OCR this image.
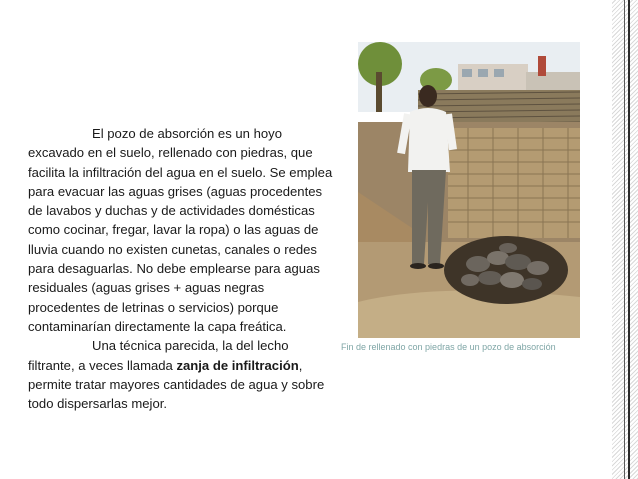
El pozo de absorción es un hoyo excavado en el suelo, rellenado con piedras, que facilita la infiltración del agua en el suelo. Se emplea para evacuar las aguas grises (aguas procedentes de lavabos y duchas y de actividades domésticas como cocinar, fregar, lavar la ropa) o las aguas de lluvia cuando no existen cunetas, canales o redes para desaguarlas. No debe emplearse para aguas residuales (aguas grises + aguas negras procedentes de letrinas o servicios) porque contaminarían directamente la capa freática.

Una técnica parecida, la del lecho filtrante, a veces llamada zanja de infiltración, permite tratar mayores cantidades de agua y sobre todo dispersarlas mejor.

Fin de rellenado con piedras de un pozo de absorción
